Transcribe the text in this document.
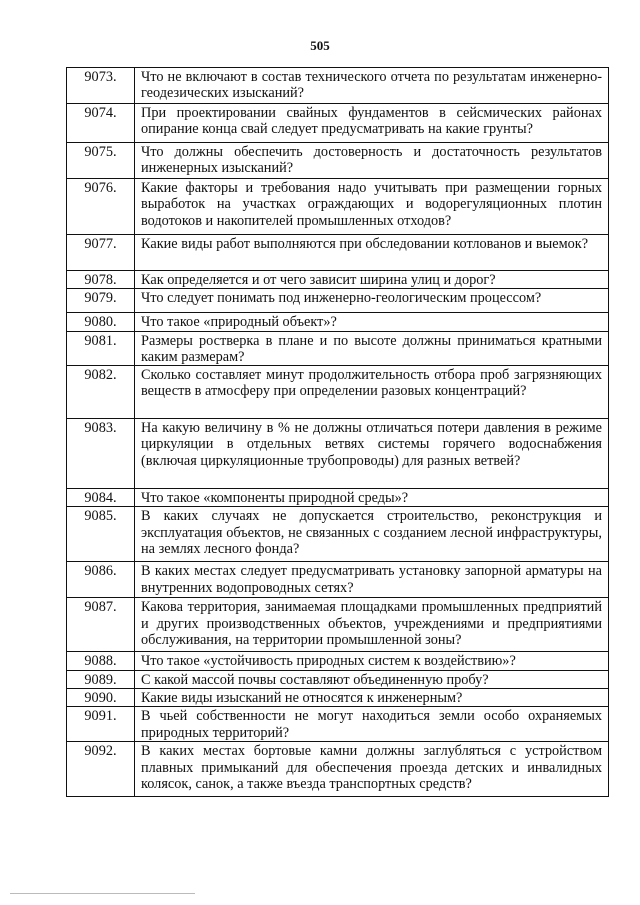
505
9073.	Что не включают в состав технического отчета по результатам инженерно-геодезических изысканий?
9074.	При проектировании свайных фундаментов в сейсмических районах опирание конца свай следует предусматривать на какие грунты?
9075.	Что должны обеспечить достоверность и достаточность результатов инженерных изысканий?
9076.	Какие факторы и требования надо учитывать при размещении горных выработок на участках ограждающих и водорегуляционных плотин водотоков и накопителей промышленных отходов?
9077.	Какие виды работ выполняются при обследовании котлованов и выемок?
9078.	Как определяется и от чего зависит ширина улиц и дорог?
9079.	Что следует понимать под инженерно-геологическим процессом?
9080.	Что такое «природный объект»?
9081.	Размеры ростверка в плане и по высоте должны приниматься кратными каким размерам?
9082.	Сколько составляет минут продолжительность отбора проб загрязняющих веществ в атмосферу при определении разовых концентраций?
9083.	На какую величину в % не должны отличаться потери давления в режиме циркуляции в отдельных ветвях системы горячего водоснабжения (включая циркуляционные трубопроводы) для разных ветвей?
9084.	Что такое «компоненты природной среды»?
9085.	В каких случаях не допускается строительство, реконструкция и эксплуатация объектов, не связанных с созданием лесной инфраструктуры, на землях лесного фонда?
9086.	В каких местах следует предусматривать установку запорной арматуры на внутренних водопроводных сетях?
9087.	Какова территория, занимаемая площадками промышленных предприятий и других производственных объектов, учреждениями и предприятиями обслуживания, на территории промышленной зоны?
9088.	Что такое «устойчивость природных систем к воздействию»?
9089.	С какой массой почвы составляют объединенную пробу?
9090.	Какие виды изысканий не относятся к инженерным?
9091.	В чьей собственности не могут находиться земли особо охраняемых природных территорий?
9092.	В каких местах бортовые камни должны заглубляться с устройством плавных примыканий для обеспечения проезда детских и инвалидных колясок, санок, а также въезда транспортных средств?
